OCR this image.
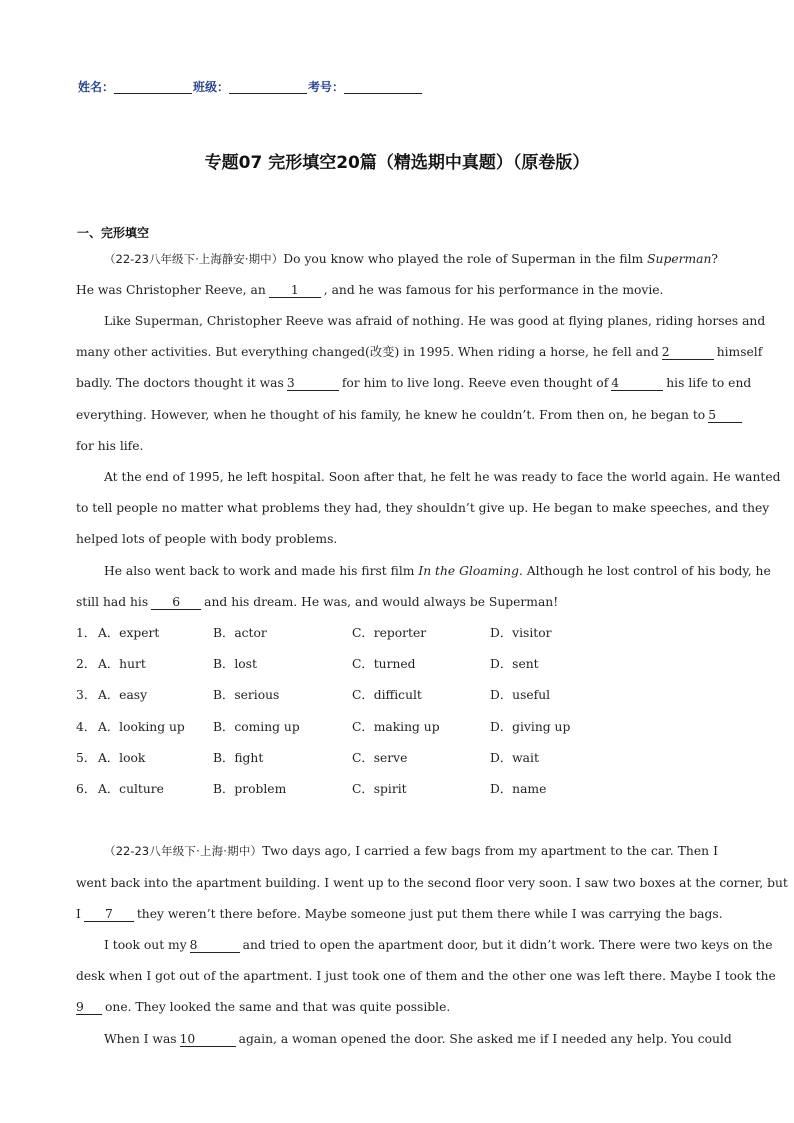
姓名：	班级：	考号：
专题07 完形填空20篇（精选期中真题）（原卷版）
一、完形填空
（22-23八年级下·上海静安·期中）Do you know who played the role of Superman in the film Superman?
He was Christopher Reeve, an 1 , and he was famous for his performance in the movie.
Like Superman, Christopher Reeve was afraid of nothing. He was good at flying planes, riding horses and
many other activities. But everything changed(改变) in 1995. When riding a horse, he fell and 2	himself
badly. The doctors thought it was 3	for him to live long. Reeve even thought of 4	his life to end
everything. However, when he thought of his family, he knew he couldn’t. From then on, he began to 5
for his life.
At the end of 1995, he left hospital. Soon after that, he felt he was ready to face the world again. He wanted
to tell people no matter what problems they had, they shouldn’t give up. He began to make speeches, and they
helped lots of people with body problems.
He also went back to work and made his first film In the Gloaming. Although he lost control of his body, he
still had his 6 and his dream. He was, and would always be Superman!
1． A．expert	B．actor	C．reporter	D．visitor
2． A．hurt	B．lost	C．turned	D．sent
3． A．easy	B．serious	C．difficult	D．useful
4． A．looking up B．coming up	C．making up	D．giving up
5． A．look	B．fight	C．serve	D．wait
6． A．culture	B．problem	C．spirit	D．name
（22-23八年级下·上海·期中）Two days ago, I carried a few bags from my apartment to the car. Then I
went back into the apartment building. I went up to the second floor very soon. I saw two boxes at the corner, but
I 7 they weren’t there before. Maybe someone just put them there while I was carrying the bags.
I took out my 8	and tried to open the apartment door, but it didn’t work. There were two keys on the
desk when I got out of the apartment. I just took one of them and the other one was left there. Maybe I took the
9 one. They looked the same and that was quite possible.
When I was 10	again, a woman opened the door. She asked me if I needed any help. You could
